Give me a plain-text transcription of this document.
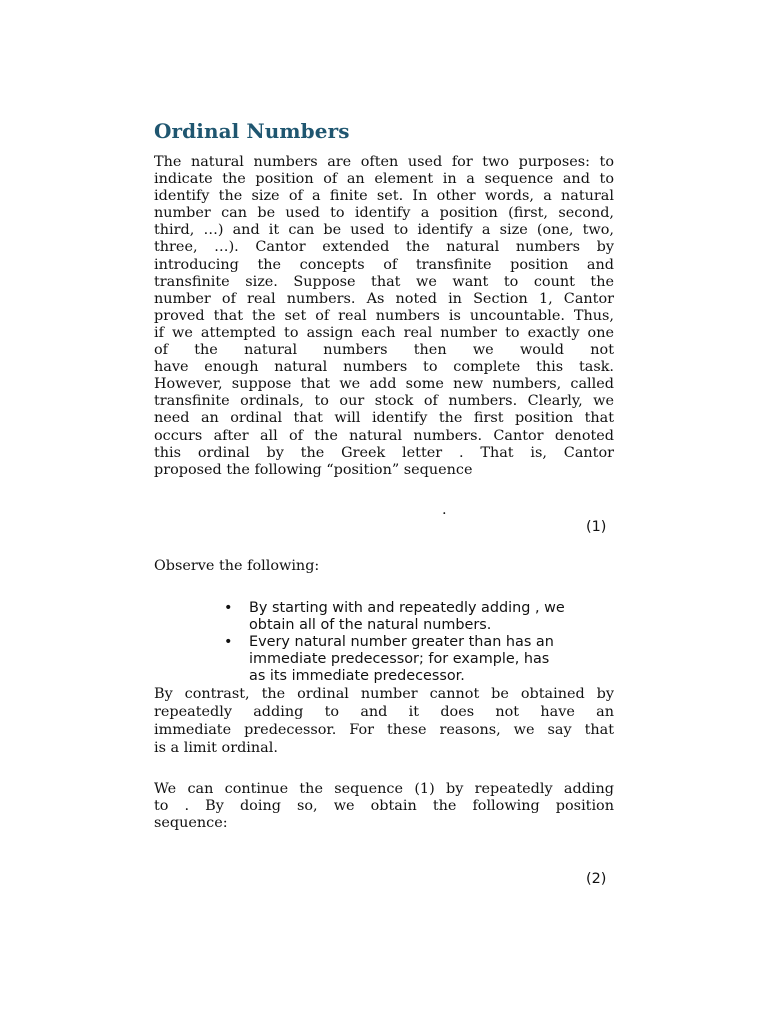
Ordinal Numbers

The natural numbers are often used for two purposes: to
indicate the position of an element in a sequence and to
identify the size of a finite set. In other words, a natural
number can be used to identify a position (first, second,
third, …) and it can be used to identify a size (one, two,
three, …). Cantor extended the natural numbers by
introducing the concepts of transfinite position and
transfinite size. Suppose that we want to count the
number of real numbers. As noted in Section 1, Cantor
proved that the set of real numbers is uncountable. Thus,
if we attempted to assign each real number to exactly one
of the natural numbers then we would not
have enough natural numbers to complete this task.
However, suppose that we add some new numbers, called
transfinite ordinals, to our stock of numbers. Clearly, we
need an ordinal that will identify the first position that
occurs after all of the natural numbers. Cantor denoted
this ordinal by the Greek letter . That is, Cantor
proposed the following “position” sequence

.
(1)

Observe the following:

• By starting with and repeatedly adding , we
obtain all of the natural numbers.
• Every natural number greater than has an
immediate predecessor; for example, has
as its immediate predecessor.

By contrast, the ordinal number cannot be obtained by
repeatedly adding to and it does not have an
immediate predecessor. For these reasons, we say that
is a limit ordinal.

We can continue the sequence (1) by repeatedly adding
to . By doing so, we obtain the following position
sequence:

(2)
